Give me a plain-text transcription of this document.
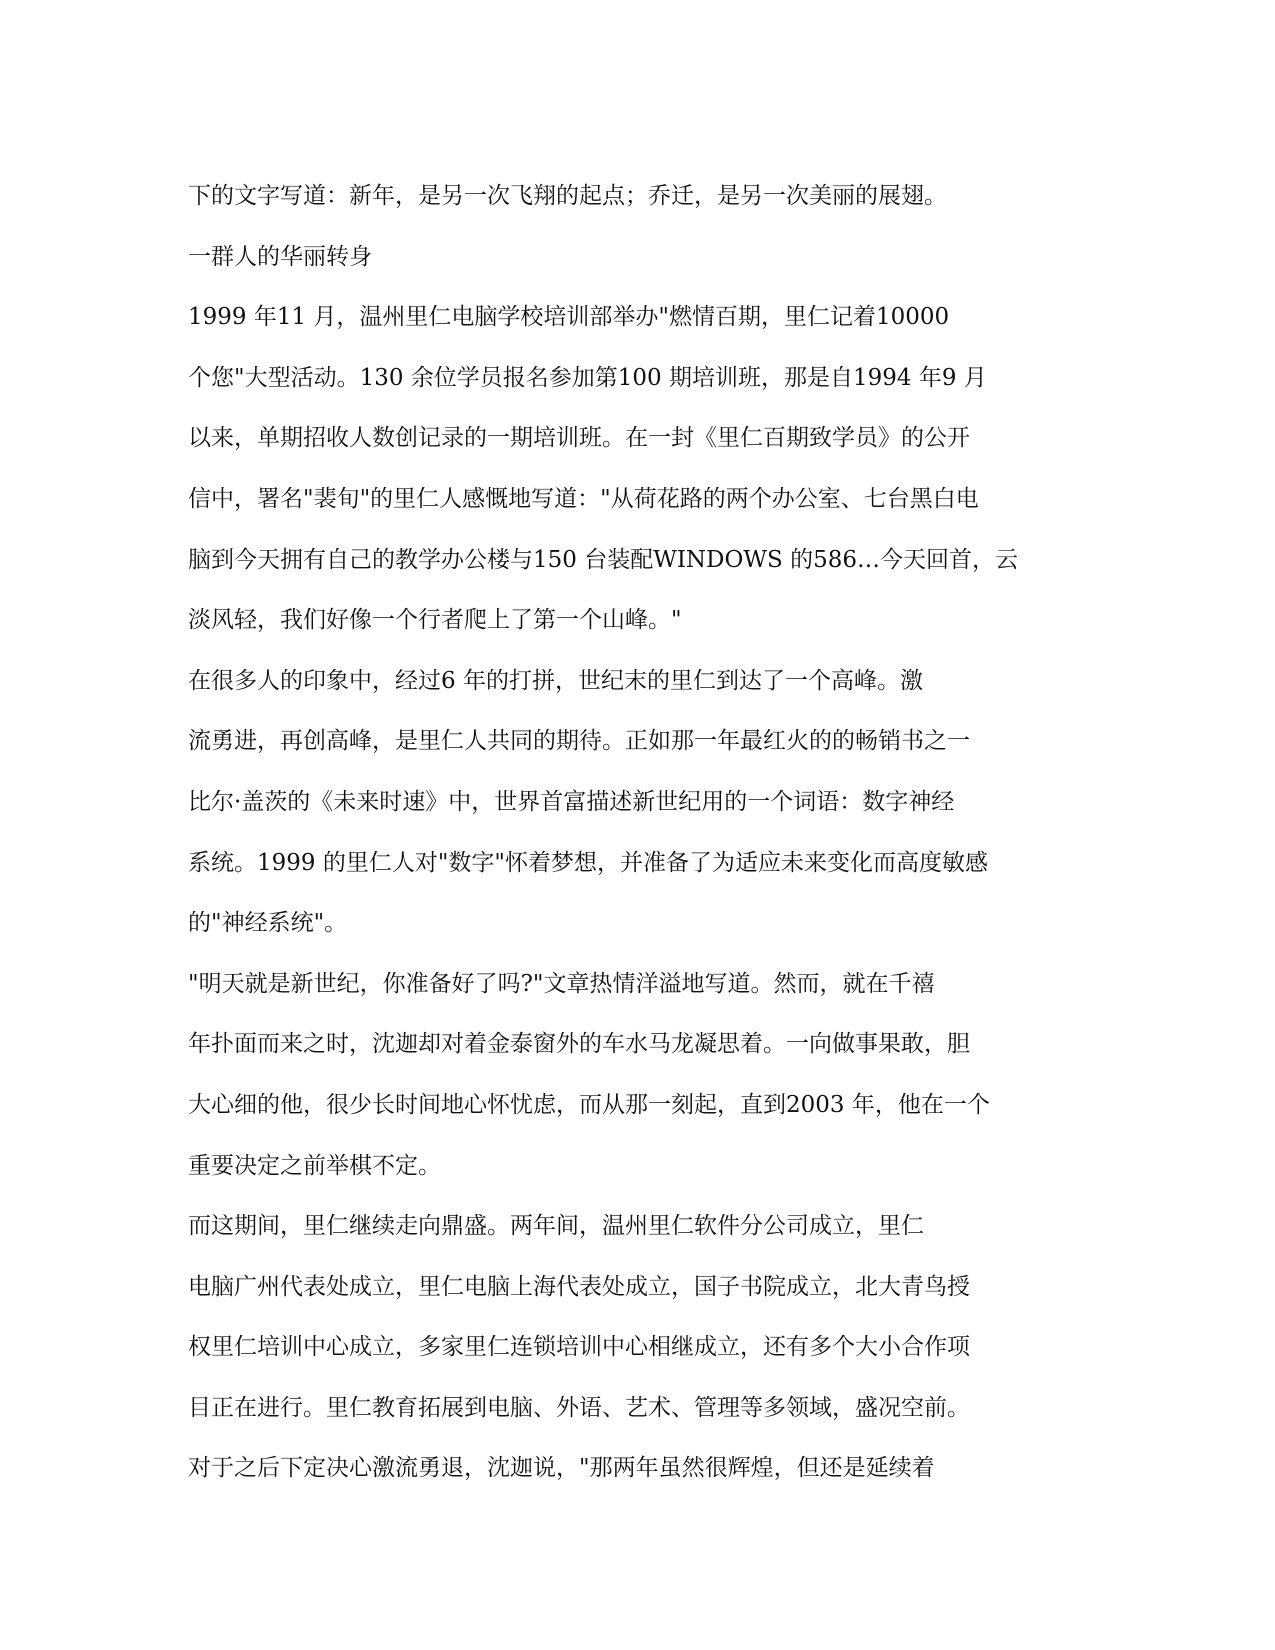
下的文字写道：新年，是另一次飞翔的起点；乔迁，是另一次美丽的展翅。
一群人的华丽转身
1999 年11 月，温州里仁电脑学校培训部举办"燃情百期，里仁记着10000
个您"大型活动。130 余位学员报名参加第100 期培训班，那是自1994 年9 月
以来，单期招收人数创记录的一期培训班。在一封《里仁百期致学员》的公开
信中，署名"裴旬"的里仁人感慨地写道："从荷花路的两个办公室、七台黑白电
脑到今天拥有自己的教学办公楼与150 台装配WINDOWS 的586…今天回首，云
淡风轻，我们好像一个行者爬上了第一个山峰。"
在很多人的印象中，经过6 年的打拼，世纪末的里仁到达了一个高峰。激
流勇进，再创高峰，是里仁人共同的期待。正如那一年最红火的的畅销书之一
比尔·盖茨的《未来时速》中，世界首富描述新世纪用的一个词语：数字神经
系统。1999 的里仁人对"数字"怀着梦想，并准备了为适应未来变化而高度敏感
的"神经系统"。
"明天就是新世纪，你准备好了吗?"文章热情洋溢地写道。然而，就在千禧
年扑面而来之时，沈迦却对着金泰窗外的车水马龙凝思着。一向做事果敢，胆
大心细的他，很少长时间地心怀忧虑，而从那一刻起，直到2003 年，他在一个
重要决定之前举棋不定。
而这期间，里仁继续走向鼎盛。两年间，温州里仁软件分公司成立，里仁
电脑广州代表处成立，里仁电脑上海代表处成立，国子书院成立，北大青鸟授
权里仁培训中心成立，多家里仁连锁培训中心相继成立，还有多个大小合作项
目正在进行。里仁教育拓展到电脑、外语、艺术、管理等多领域，盛况空前。
对于之后下定决心激流勇退，沈迦说，"那两年虽然很辉煌，但还是延续着
